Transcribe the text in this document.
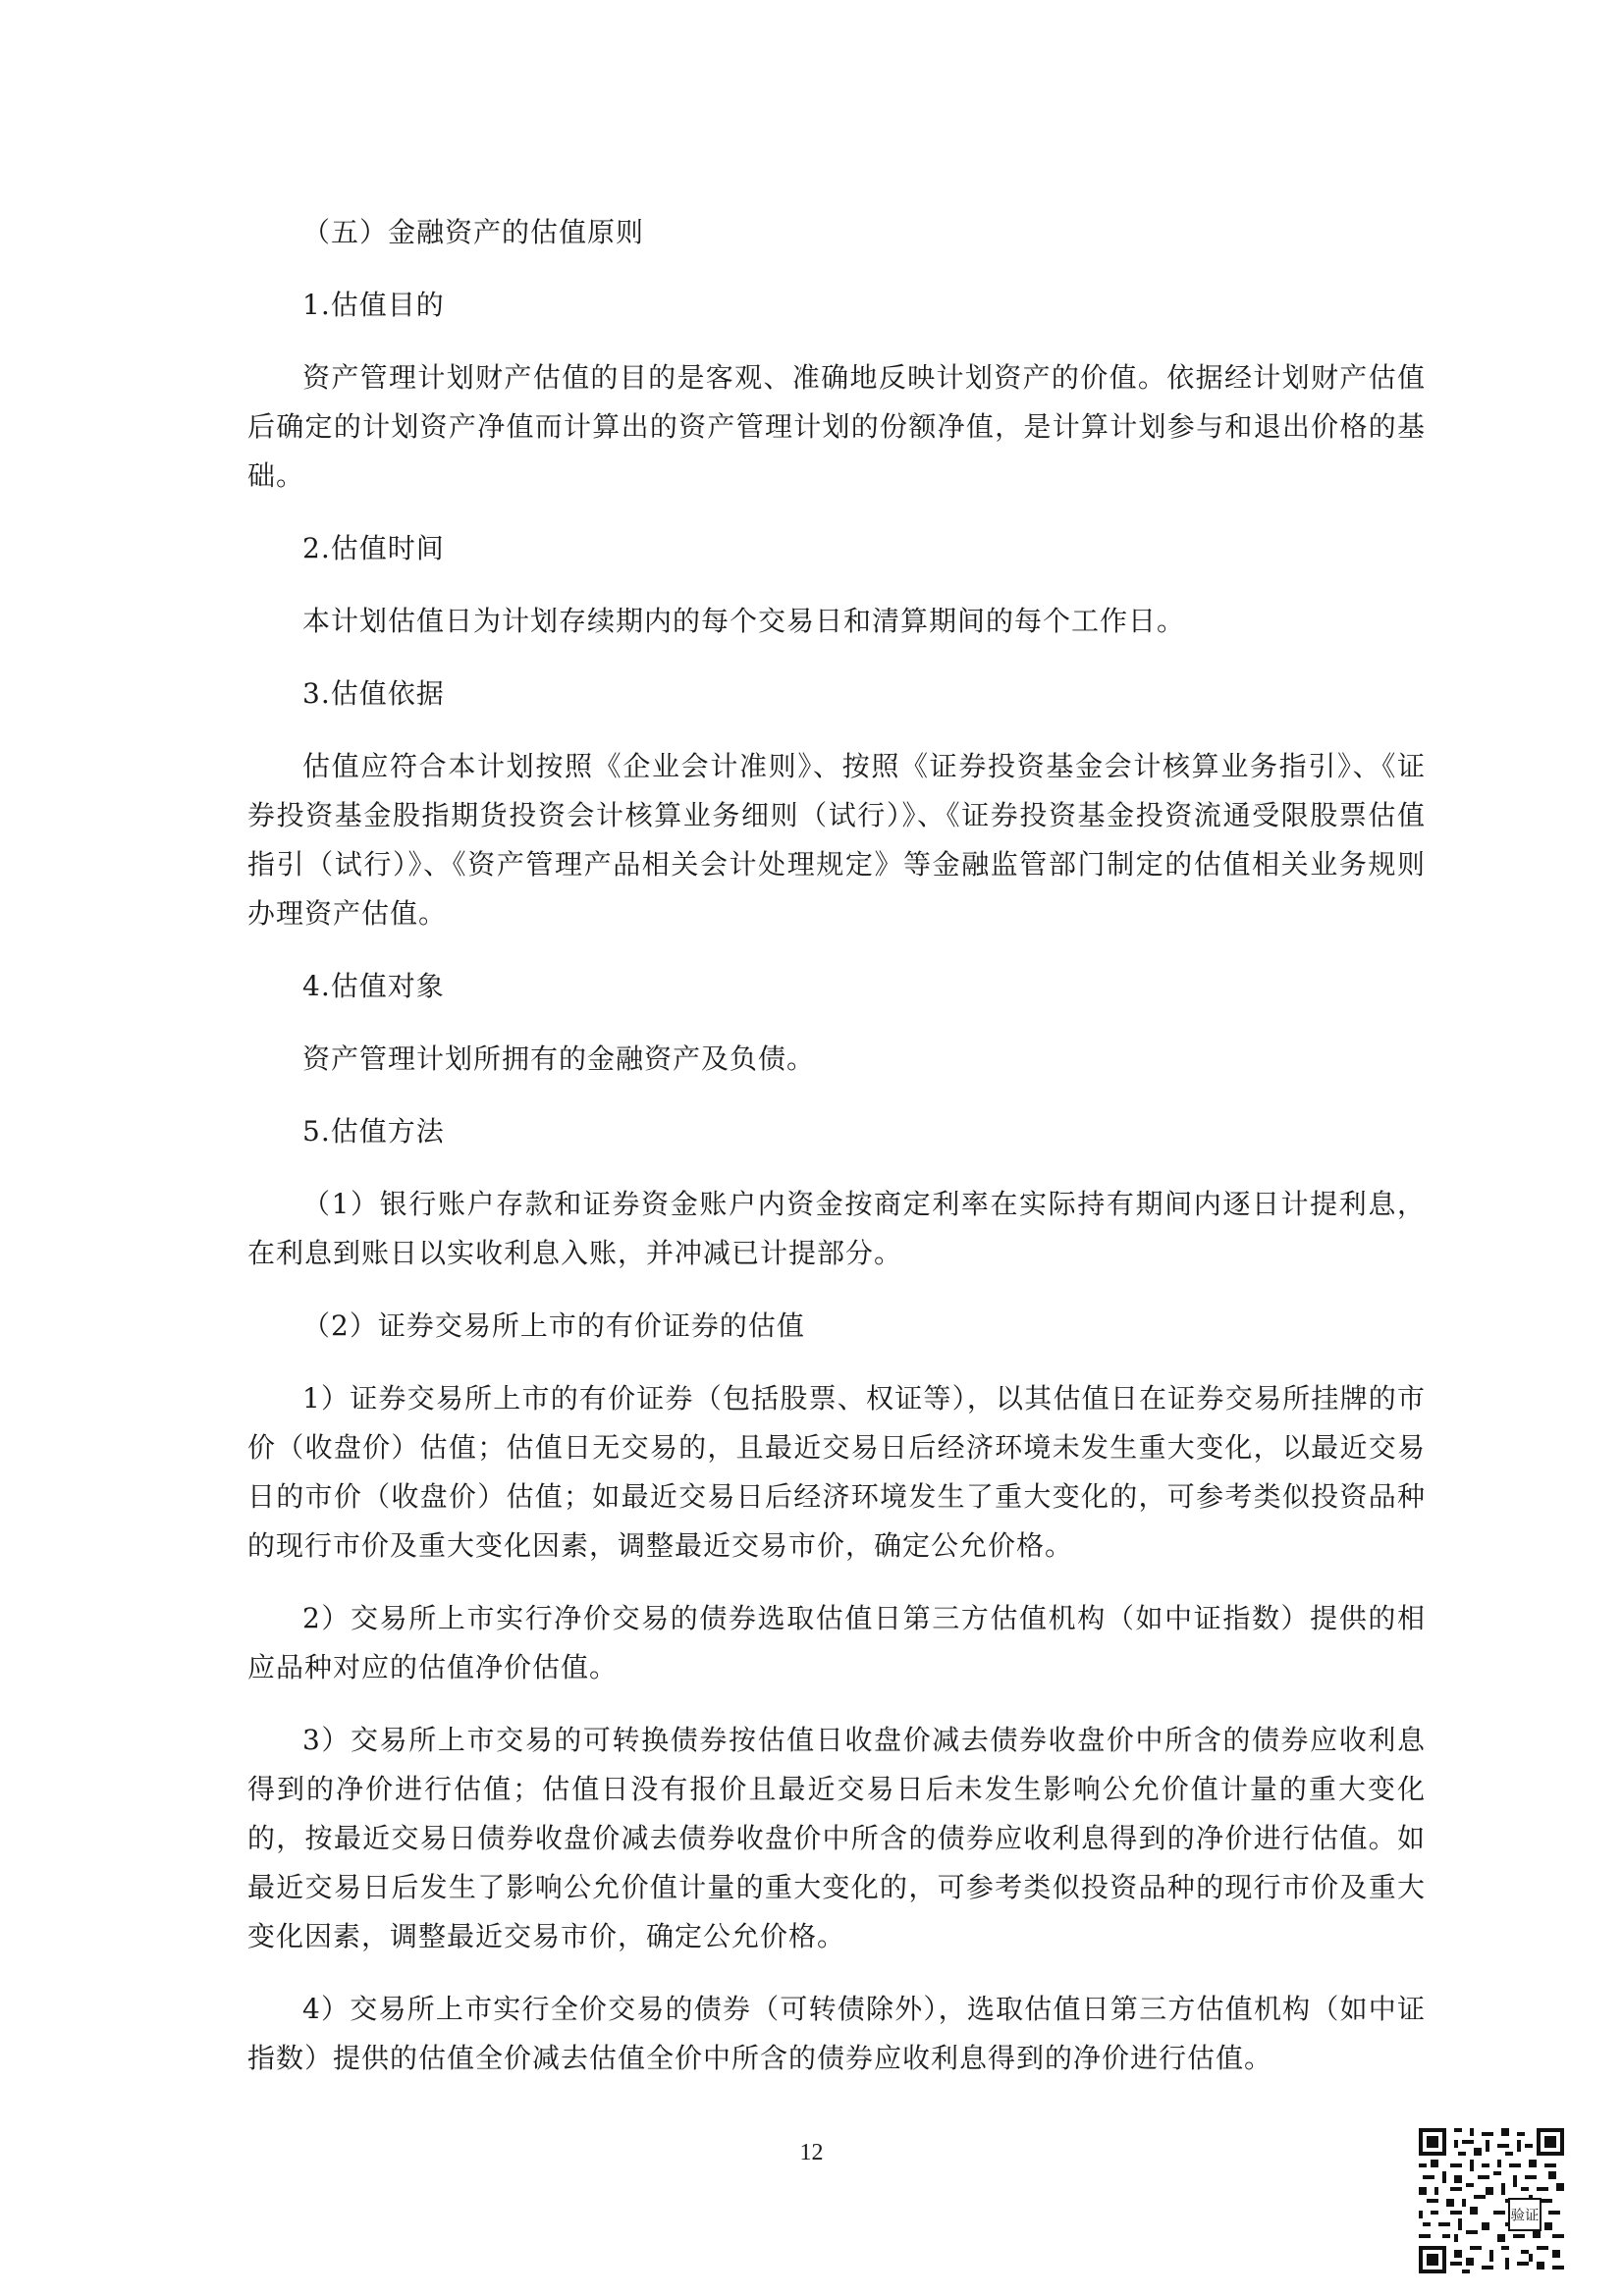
（五）金融资产的估值原则

1.估值目的

资产管理计划财产估值的目的是客观、准确地反映计划资产的价值。依据经计划财产估值后确定的计划资产净值而计算出的资产管理计划的份额净值，是计算计划参与和退出价格的基础。

2.估值时间

本计划估值日为计划存续期内的每个交易日和清算期间的每个工作日。

3.估值依据

估值应符合本计划按照《企业会计准则》、按照《证券投资基金会计核算业务指引》、《证券投资基金股指期货投资会计核算业务细则（试行）》、《证券投资基金投资流通受限股票估值指引（试行）》、《资产管理产品相关会计处理规定》等金融监管部门制定的估值相关业务规则办理资产估值。

4.估值对象

资产管理计划所拥有的金融资产及负债。

5.估值方法

（1）银行账户存款和证券资金账户内资金按商定利率在实际持有期间内逐日计提利息，在利息到账日以实收利息入账，并冲减已计提部分。

（2）证券交易所上市的有价证券的估值

1）证券交易所上市的有价证券（包括股票、权证等），以其估值日在证券交易所挂牌的市价（收盘价）估值；估值日无交易的，且最近交易日后经济环境未发生重大变化，以最近交易日的市价（收盘价）估值；如最近交易日后经济环境发生了重大变化的，可参考类似投资品种的现行市价及重大变化因素，调整最近交易市价，确定公允价格。

2）交易所上市实行净价交易的债券选取估值日第三方估值机构（如中证指数）提供的相应品种对应的估值净价估值。

3）交易所上市交易的可转换债券按估值日收盘价减去债券收盘价中所含的债券应收利息得到的净价进行估值；估值日没有报价且最近交易日后未发生影响公允价值计量的重大变化的，按最近交易日债券收盘价减去债券收盘价中所含的债券应收利息得到的净价进行估值。如最近交易日后发生了影响公允价值计量的重大变化的，可参考类似投资品种的现行市价及重大变化因素，调整最近交易市价，确定公允价格。

4）交易所上市实行全价交易的债券（可转债除外），选取估值日第三方估值机构（如中证指数）提供的估值全价减去估值全价中所含的债券应收利息得到的净价进行估值。

12
验证
